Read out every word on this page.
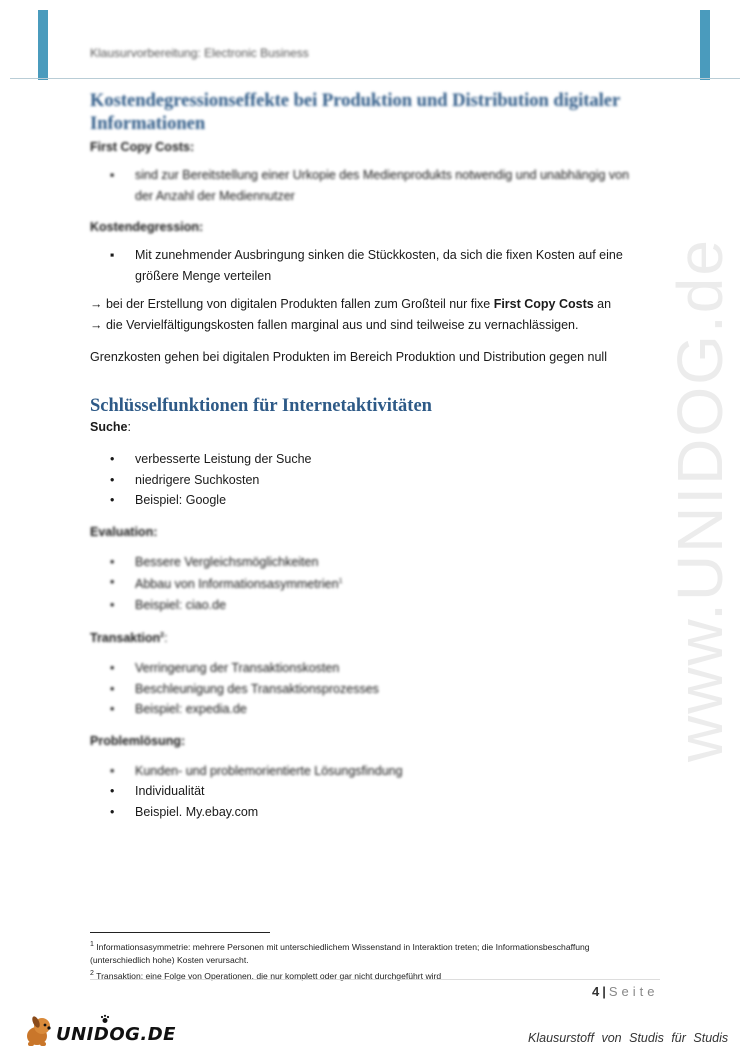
Klausurvorbereitung: Electronic Business
www.UNIDOG.de
Kostendegressionseffekte bei Produktion und Distribution digitaler Informationen
First Copy Costs:
▪ sind zur Bereitstellung einer Urkopie des Medienprodukts notwendig und unabhängig von der Anzahl der Mediennutzer
Kostendegression:
▪ Mit zunehmender Ausbringung sinken die Stückkosten, da sich die fixen Kosten auf eine größere Menge verteilen
→ bei der Erstellung von digitalen Produkten fallen zum Großteil nur fixe First Copy Costs an
→ die Vervielfältigungskosten fallen marginal aus und sind teilweise zu vernachlässigen.

Grenzkosten gehen bei digitalen Produkten im Bereich Produktion und Distribution gegen null

Schlüsselfunktionen für Internetaktivitäten
Suche:
• verbesserte Leistung der Suche
• niedrigere Suchkosten
• Beispiel: Google
Evaluation:
• Bessere Vergleichsmöglichkeiten
• Abbau von Informationsasymmetrien$^1$
• Beispiel: ciao.de
Transaktion$^2$:
• Verringerung der Transaktionskosten
• Beschleunigung des Transaktionsprozesses
• Beispiel: expedia.de
Problemlösung:
• Kunden- und problemorientierte Lösungsfindung
• Individualität
• Beispiel. My.ebay.com
$^1$ Informationsasymmetrie: mehrere Personen mit unterschiedlichem Wissenstand in Interaktion treten; die Informationsbeschaffung (unterschiedlich hohe) Kosten verursacht.
$^2$ Transaktion: eine Folge von Operationen, die nur komplett oder gar nicht durchgeführt wird
4 | Seite
UNIDOG.DE	Klausurstoff von Studis für Studis
